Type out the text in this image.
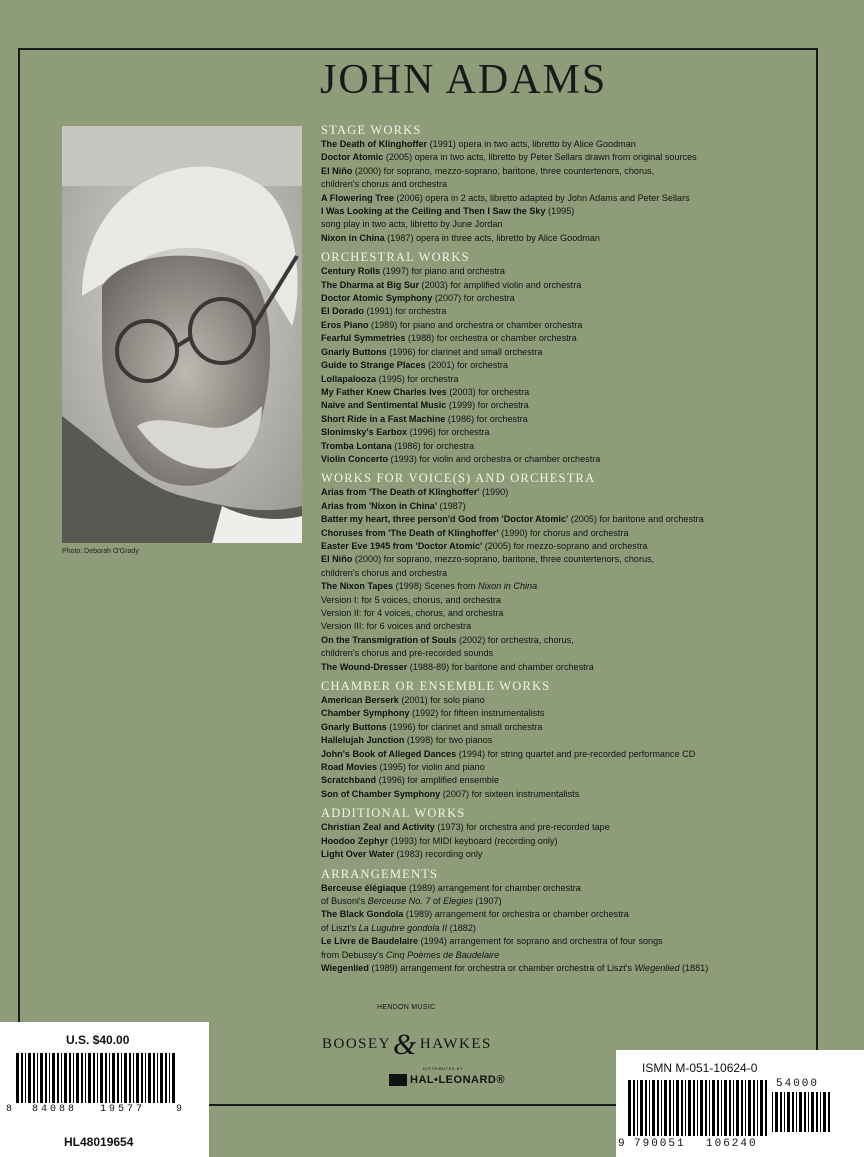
JOHN ADAMS
Photo: Deborah O'Grady
STAGE WORKS
The Death of Klinghoffer (1991) opera in two acts, libretto by Alice Goodman
Doctor Atomic (2005) opera in two acts, libretto by Peter Sellars drawn from original sources
El Niño (2000) for soprano, mezzo-soprano, baritone, three countertenors, chorus,
children's chorus and orchestra
A Flowering Tree (2006) opera in 2 acts, libretto adapted by John Adams and Peter Sellars
I Was Looking at the Ceiling and Then I Saw the Sky (1995)
song play in two acts, libretto by June Jordan
Nixon in China (1987) opera in three acts, libretto by Alice Goodman
ORCHESTRAL WORKS
Century Rolls (1997) for piano and orchestra
The Dharma at Big Sur (2003) for amplified violin and orchestra
Doctor Atomic Symphony (2007) for orchestra
El Dorado (1991) for orchestra
Eros Piano (1989) for piano and orchestra or chamber orchestra
Fearful Symmetries (1988) for orchestra or chamber orchestra
Gnarly Buttons (1996) for clarinet and small orchestra
Guide to Strange Places (2001) for orchestra
Lollapalooza (1995) for orchestra
My Father Knew Charles Ives (2003) for orchestra
Naive and Sentimental Music (1999) for orchestra
Short Ride in a Fast Machine (1986) for orchestra
Slonimsky's Earbox (1996) for orchestra
Tromba Lontana (1986) for orchestra
Violin Concerto (1993) for violin and orchestra or chamber orchestra
WORKS FOR VOICE(S) AND ORCHESTRA
Arias from 'The Death of Klinghoffer' (1990)
Arias from 'Nixon in China' (1987)
Batter my heart, three person'd God from 'Doctor Atomic' (2005) for baritone and orchestra
Choruses from 'The Death of Klinghoffer' (1990) for chorus and orchestra
Easter Eve 1945 from 'Doctor Atomic' (2005) for mezzo-soprano and orchestra
El Niño (2000) for soprano, mezzo-soprano, baritone, three countertenors, chorus,
children's chorus and orchestra
The Nixon Tapes (1998) Scenes from Nixon in China
Version I: for 5 voices, chorus, and orchestra
Version II: for 4 voices, chorus, and orchestra
Version III: for 6 voices and orchestra
On the Transmigration of Souls (2002) for orchestra, chorus,
children's chorus and pre-recorded sounds
The Wound-Dresser (1988-89) for baritone and chamber orchestra
CHAMBER OR ENSEMBLE WORKS
American Berserk (2001) for solo piano
Chamber Symphony (1992) for fifteen instrumentalists
Gnarly Buttons (1996) for clarinet and small orchestra
Hallelujah Junction (1998) for two pianos
John's Book of Alleged Dances (1994) for string quartet and pre-recorded performance CD
Road Movies (1995) for violin and piano
Scratchband (1996) for amplified ensemble
Son of Chamber Symphony (2007) for sixteen instrumentalists
ADDITIONAL WORKS
Christian Zeal and Activity (1973) for orchestra and pre-recorded tape
Hoodoo Zephyr (1993) for MIDI keyboard (recording only)
Light Over Water (1983) recording only
ARRANGEMENTS
Berceuse élégiaque (1989) arrangement for chamber orchestra
of Busoni's Berceuse No. 7 of Elegies (1907)
The Black Gondola (1989) arrangement for orchestra or chamber orchestra
of Liszt's La Lugubre gondola II (1882)
Le Livre de Baudelaire (1994) arrangement for soprano and orchestra of four songs
from Debussy's Cinq Poèmes de Baudelaire
Wiegenlied (1989) arrangement for orchestra or chamber orchestra of Liszt's Wiegenlied (1881)
HENDON MUSIC
BOOSEY& HAWKES
DISTRIBUTED BY
HAL•LEONARD®
U.S. $40.00
8 84088 19577	9
HL48019654
ISMN M-051-10624-0
54000
9 790051 106240
